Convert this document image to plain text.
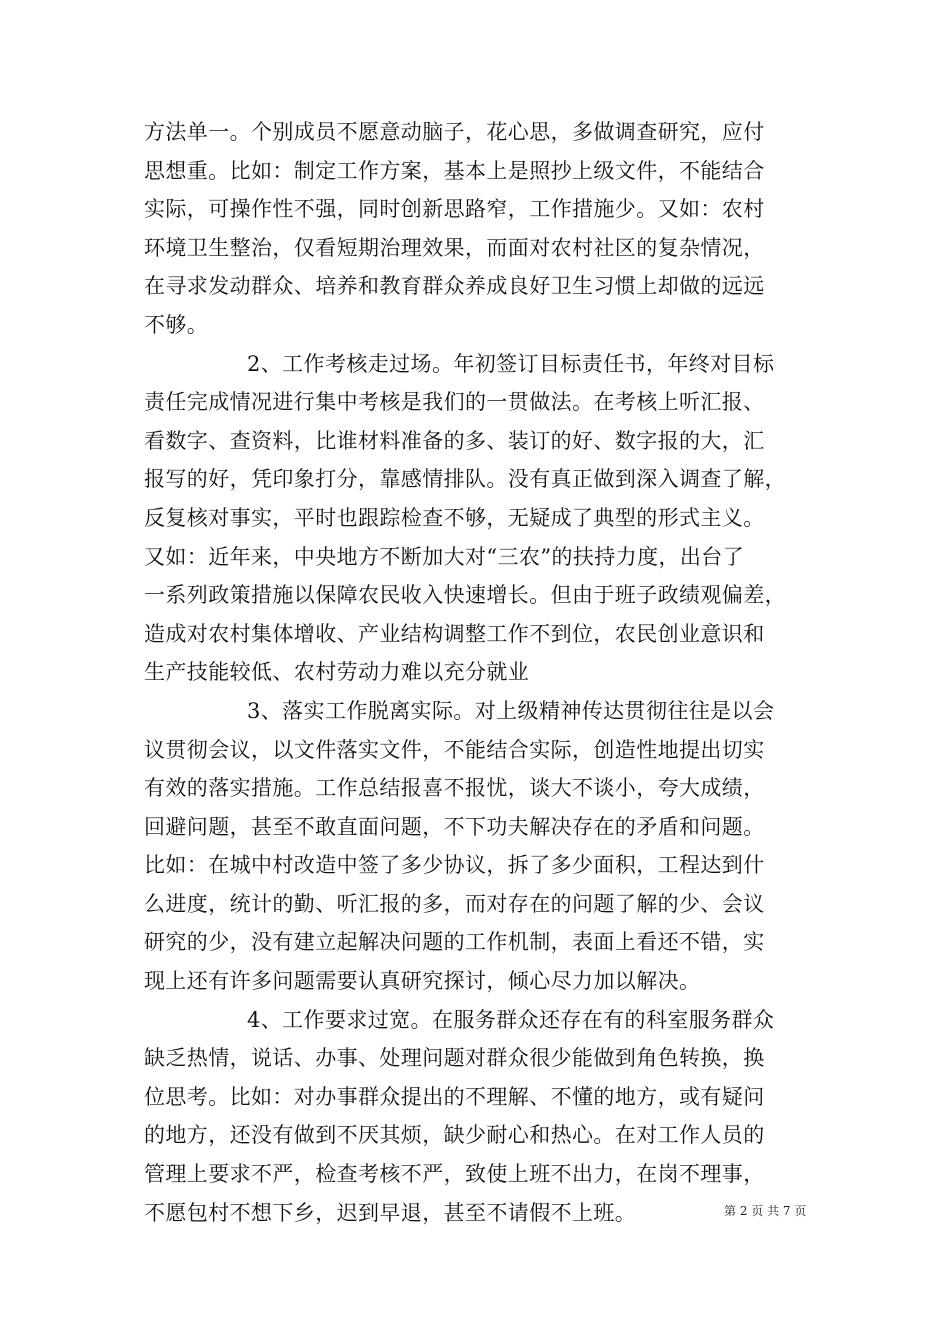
方法单一。个别成员不愿意动脑子，花心思，多做调查研究，应付
思想重。比如：制定工作方案，基本上是照抄上级文件，不能结合
实际，可操作性不强，同时创新思路窄，工作措施少。又如：农村
环境卫生整治，仅看短期治理效果，而面对农村社区的复杂情况，
在寻求发动群众、培养和教育群众养成良好卫生习惯上却做的远远
不够。
2、工作考核走过场。年初签订目标责任书，年终对目标
责任完成情况进行集中考核是我们的一贯做法。在考核上听汇报、
看数字、查资料，比谁材料准备的多、装订的好、数字报的大，汇
报写的好，凭印象打分，靠感情排队。没有真正做到深入调查了解，
反复核对事实，平时也跟踪检查不够，无疑成了典型的形式主义。
又如：近年来，中央地方不断加大对“三农”的扶持力度，出台了
一系列政策措施以保障农民收入快速增长。但由于班子政绩观偏差，
造成对农村集体增收、产业结构调整工作不到位，农民创业意识和
生产技能较低、农村劳动力难以充分就业
3、落实工作脱离实际。对上级精神传达贯彻往往是以会
议贯彻会议，以文件落实文件，不能结合实际，创造性地提出切实
有效的落实措施。工作总结报喜不报忧，谈大不谈小，夸大成绩，
回避问题，甚至不敢直面问题，不下功夫解决存在的矛盾和问题。
比如：在城中村改造中签了多少协议，拆了多少面积，工程达到什
么进度，统计的勤、听汇报的多，而对存在的问题了解的少、会议
研究的少，没有建立起解决问题的工作机制，表面上看还不错，实
现上还有许多问题需要认真研究探讨，倾心尽力加以解决。
4、工作要求过宽。在服务群众还存在有的科室服务群众
缺乏热情，说话、办事、处理问题对群众很少能做到角色转换，换
位思考。比如：对办事群众提出的不理解、不懂的地方，或有疑问
的地方，还没有做到不厌其烦，缺少耐心和热心。在对工作人员的
管理上要求不严，检查考核不严，致使上班不出力，在岗不理事，
不愿包村不想下乡，迟到早退，甚至不请假不上班。	第 2 页 共 7 页
